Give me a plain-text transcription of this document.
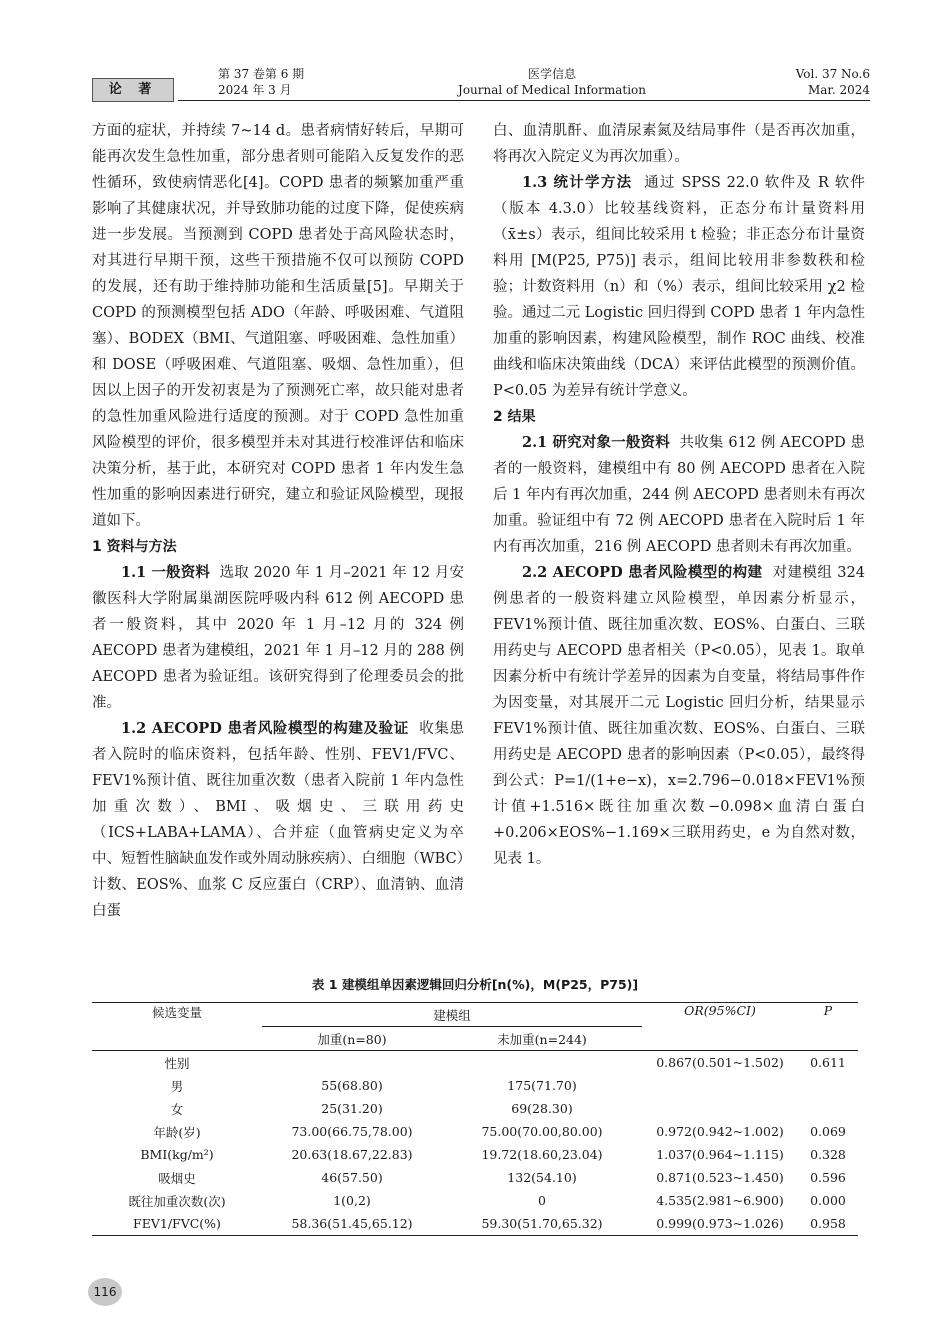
论 著
第 37 卷第 6 期
2024 年 3 月
医学信息
Journal of Medical Information
Vol. 37 No.6
Mar. 2024

方面的症状，并持续 7~14 d。患者病情好转后，早期可能再次发生急性加重，部分患者则可能陷入反复发作的恶性循环，致使病情恶化[4]。COPD 患者的频繁加重严重影响了其健康状况，并导致肺功能的过度下降，促使疾病进一步发展。当预测到 COPD 患者处于高风险状态时，对其进行早期干预，这些干预措施不仅可以预防 COPD 的发展，还有助于维持肺功能和生活质量[5]。早期关于 COPD 的预测模型包括 ADO（年龄、呼吸困难、气道阻塞）、BODEX（BMI、气道阻塞、呼吸困难、急性加重）和 DOSE（呼吸困难、气道阻塞、吸烟、急性加重），但因以上因子的开发初衷是为了预测死亡率，故只能对患者的急性加重风险进行适度的预测。对于 COPD 急性加重风险模型的评价，很多模型并未对其进行校准评估和临床决策分析，基于此，本研究对 COPD 患者 1 年内发生急性加重的影响因素进行研究，建立和验证风险模型，现报道如下。

1 资料与方法

1.1 一般资料 选取 2020 年 1 月–2021 年 12 月安徽医科大学附属巢湖医院呼吸内科 612 例 AECOPD 患者一般资料，其中 2020 年 1 月–12 月的 324 例 AECOPD 患者为建模组，2021 年 1 月–12 月的 288 例 AECOPD 患者为验证组。该研究得到了伦理委员会的批准。

1.2 AECOPD 患者风险模型的构建及验证 收集患者入院时的临床资料，包括年龄、性别、FEV1/FVC、FEV1%预计值、既往加重次数（患者入院前 1 年内急性加重次数）、BMI、吸烟史、三联用药史（ICS+LABA+LAMA）、合并症（血管病史定义为卒中、短暂性脑缺血发作或外周动脉疾病）、白细胞（WBC）计数、EOS%、血浆 C 反应蛋白（CRP）、血清钠、血清白蛋

白、血清肌酐、血清尿素氮及结局事件（是否再次加重，将再次入院定义为再次加重）。

1.3 统计学方法 通过 SPSS 22.0 软件及 R 软件（版本 4.3.0）比较基线资料，正态分布计量资料用（x̄±s）表示，组间比较采用 t 检验；非正态分布计量资料用 [M(P25, P75)] 表示，组间比较用非参数秩和检验；计数资料用（n）和（%）表示，组间比较采用 χ2 检验。通过二元 Logistic 回归得到 COPD 患者 1 年内急性加重的影响因素，构建风险模型，制作 ROC 曲线、校准曲线和临床决策曲线（DCA）来评估此模型的预测价值。P<0.05 为差异有统计学意义。

2 结果

2.1 研究对象一般资料 共收集 612 例 AECOPD 患者的一般资料，建模组中有 80 例 AECOPD 患者在入院后 1 年内有再次加重，244 例 AECOPD 患者则未有再次加重。验证组中有 72 例 AECOPD 患者在入院时后 1 年内有再次加重，216 例 AECOPD 患者则未有再次加重。

2.2 AECOPD 患者风险模型的构建 对建模组 324 例患者的一般资料建立风险模型，单因素分析显示，FEV1%预计值、既往加重次数、EOS%、白蛋白、三联用药史与 AECOPD 患者相关（P<0.05），见表 1。取单因素分析中有统计学差异的因素为自变量，将结局事件作为因变量，对其展开二元 Logistic 回归分析，结果显示 FEV1%预计值、既往加重次数、EOS%、白蛋白、三联用药史是 AECOPD 患者的影响因素（P<0.05），最终得到公式：P=1/(1+e−x)，x=2.796−0.018×FEV1%预计值+1.516×既往加重次数−0.098×血清白蛋白+0.206×EOS%−1.169×三联用药史，e 为自然对数，见表 1。

表 1 建模组单因素逻辑回归分析[n(%)，M(P25，P75)]
候选变量	建模组		OR(95%CI)	P
	加重(n=80)	未加重(n=244)		
性别			0.867(0.501~1.502)	0.611
男	55(68.80)	175(71.70)		
女	25(31.20)	69(28.30)		
年龄(岁)	73.00(66.75,78.00)	75.00(70.00,80.00)	0.972(0.942~1.002)	0.069
BMI(kg/m²)	20.63(18.67,22.83)	19.72(18.60,23.04)	1.037(0.964~1.115)	0.328
吸烟史	46(57.50)	132(54.10)	0.871(0.523~1.450)	0.596
既往加重次数(次)	1(0,2)	0	4.535(2.981~6.900)	0.000
FEV1/FVC(%)	58.36(51.45,65.12)	59.30(51.70,65.32)	0.999(0.973~1.026)	0.958
116
